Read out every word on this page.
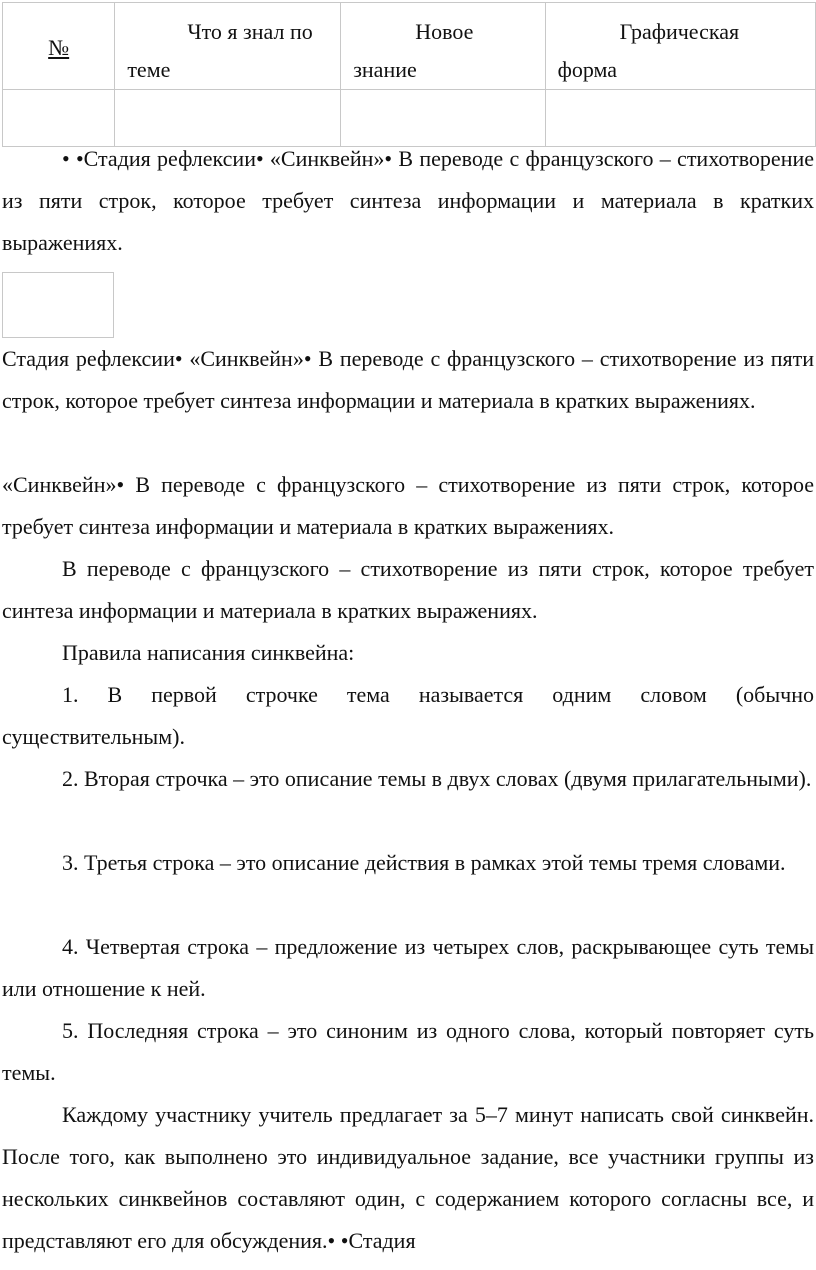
№	Что я знал по теме	Новое знание	Графическая форма

• •Стадия рефлексии• «Синквейн»• В переводе с французского – стихотворение из пяти строк, которое требует синтеза информации и материала в кратких выражениях.

Стадия рефлексии• «Синквейн»• В переводе с французского – стихотворение из пяти строк, которое требует синтеза информации и материала в кратких выражениях.

«Синквейн»• В переводе с французского – стихотворение из пяти строк, которое требует синтеза информации и материала в кратких выражениях.

В переводе с французского – стихотворение из пяти строк, которое требует синтеза информации и материала в кратких выражениях.

Правила написания синквейна:

1. В первой строчке тема называется одним словом (обычно существительным).

2. Вторая строчка – это описание темы в двух словах (двумя прилагательными).

3. Третья строка – это описание действия в рамках этой темы тремя словами.

4. Четвертая строка – предложение из четырех слов, раскрывающее суть темы или отношение к ней.

5. Последняя строка – это синоним из одного слова, который повторяет суть темы.

Каждому участнику учитель предлагает за 5–7 минут написать свой синквейн. После того, как выполнено это индивидуальное задание, все участники группы из нескольких синквейнов составляют один, с содержанием которого согласны все, и представляют его для обсуждения.• •Стадия
